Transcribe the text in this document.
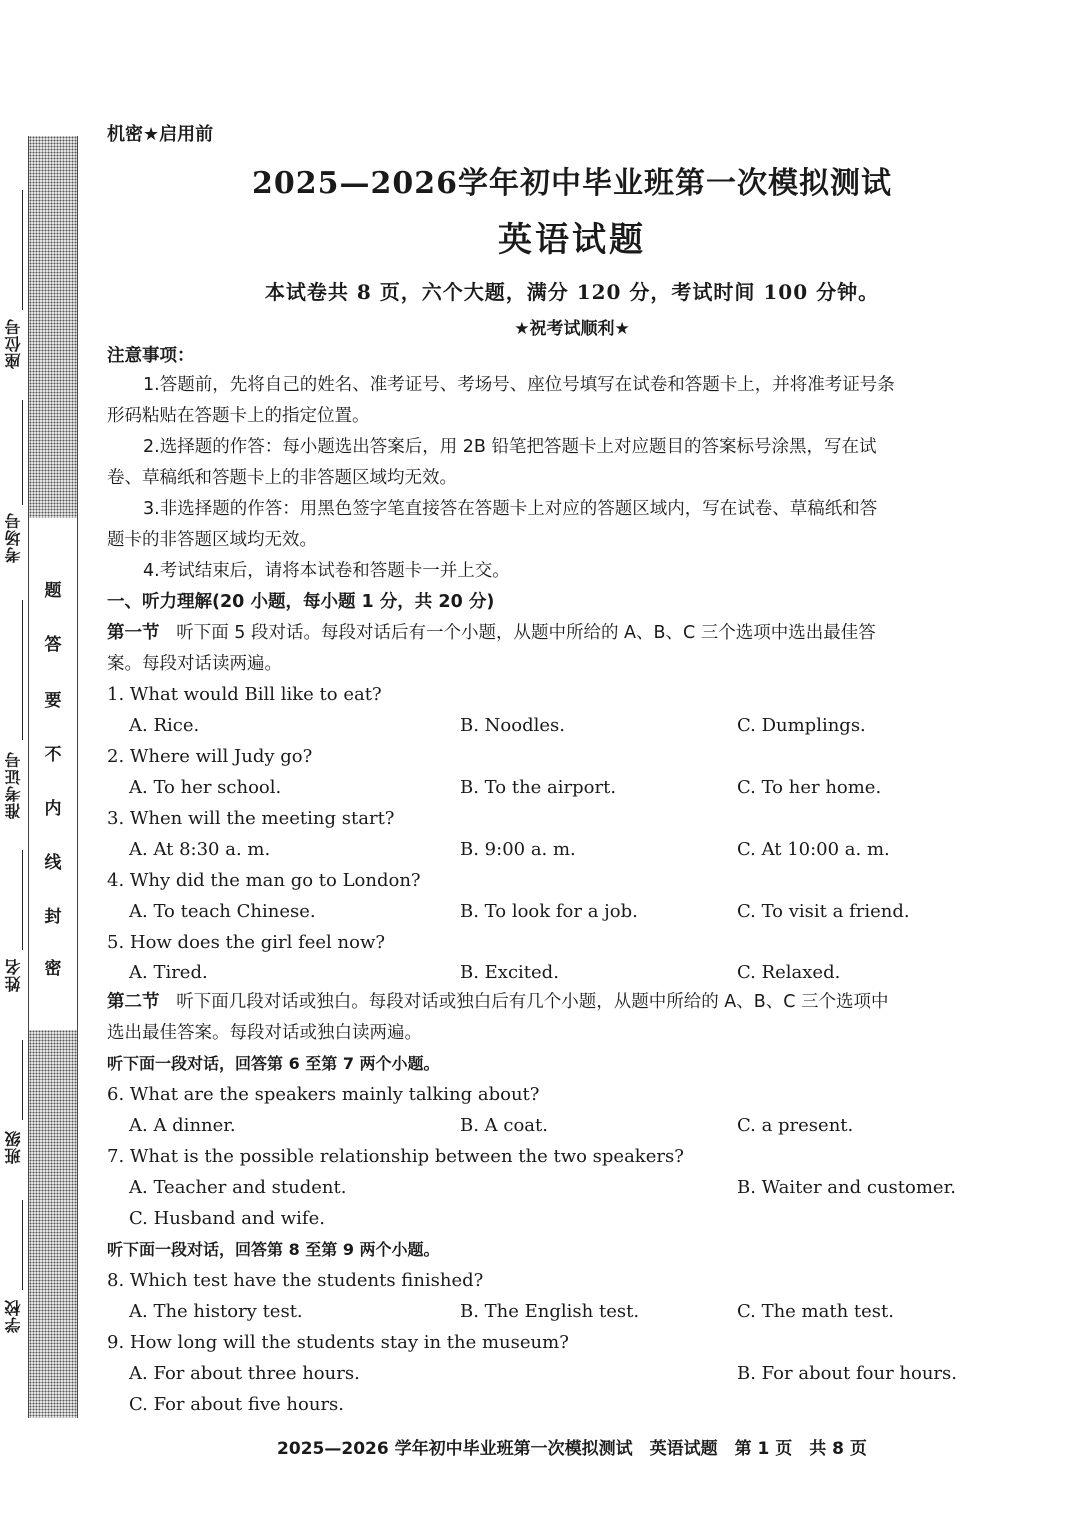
题
答
要
不
内
线
封
密
座位号
考场号
准考证号
姓名
班级
学校
机密★启用前
2025—2026学年初中毕业班第一次模拟测试
英语试题
本试卷共 8 页，六个大题，满分 120 分，考试时间 100 分钟。
★祝考试顺利★
注意事项：
1.答题前，先将自己的姓名、准考证号、考场号、座位号填写在试卷和答题卡上，并将准考证号条
形码粘贴在答题卡上的指定位置。
2.选择题的作答：每小题选出答案后，用 2B 铅笔把答题卡上对应题目的答案标号涂黑，写在试
卷、草稿纸和答题卡上的非答题区域均无效。
3.非选择题的作答：用黑色签字笔直接答在答题卡上对应的答题区域内，写在试卷、草稿纸和答
题卡的非答题区域均无效。
4.考试结束后，请将本试卷和答题卡一并上交。
一、听力理解(20 小题，每小题 1 分，共 20 分)
第一节 听下面 5 段对话。每段对话后有一个小题，从题中所给的 A、B、C 三个选项中选出最佳答
案。每段对话读两遍。
1. What would Bill like to eat?
A. Rice.	B. Noodles.	C. Dumplings.
2. Where will Judy go?
A. To her school.	B. To the airport.	C. To her home.
3. When will the meeting start?
A. At 8:30 a. m.	B. 9:00 a. m.	C. At 10:00 a. m.
4. Why did the man go to London?
A. To teach Chinese.	B. To look for a job.	C. To visit a friend.
5. How does the girl feel now?
A. Tired.	B. Excited.	C. Relaxed.
第二节 听下面几段对话或独白。每段对话或独白后有几个小题，从题中所给的 A、B、C 三个选项中
选出最佳答案。每段对话或独白读两遍。
听下面一段对话，回答第 6 至第 7 两个小题。
6. What are the speakers mainly talking about?
A. A dinner.	B. A coat.	C. a present.
7. What is the possible relationship between the two speakers?
A. Teacher and student.	B. Waiter and customer.
C. Husband and wife.
听下面一段对话，回答第 8 至第 9 两个小题。
8. Which test have the students finished?
A. The history test.	B. The English test.	C. The math test.
9. How long will the students stay in the museum?
A. For about three hours.	B. For about four hours.
C. For about five hours.
2025—2026 学年初中毕业班第一次模拟测试　英语试题　第 1 页　共 8 页
